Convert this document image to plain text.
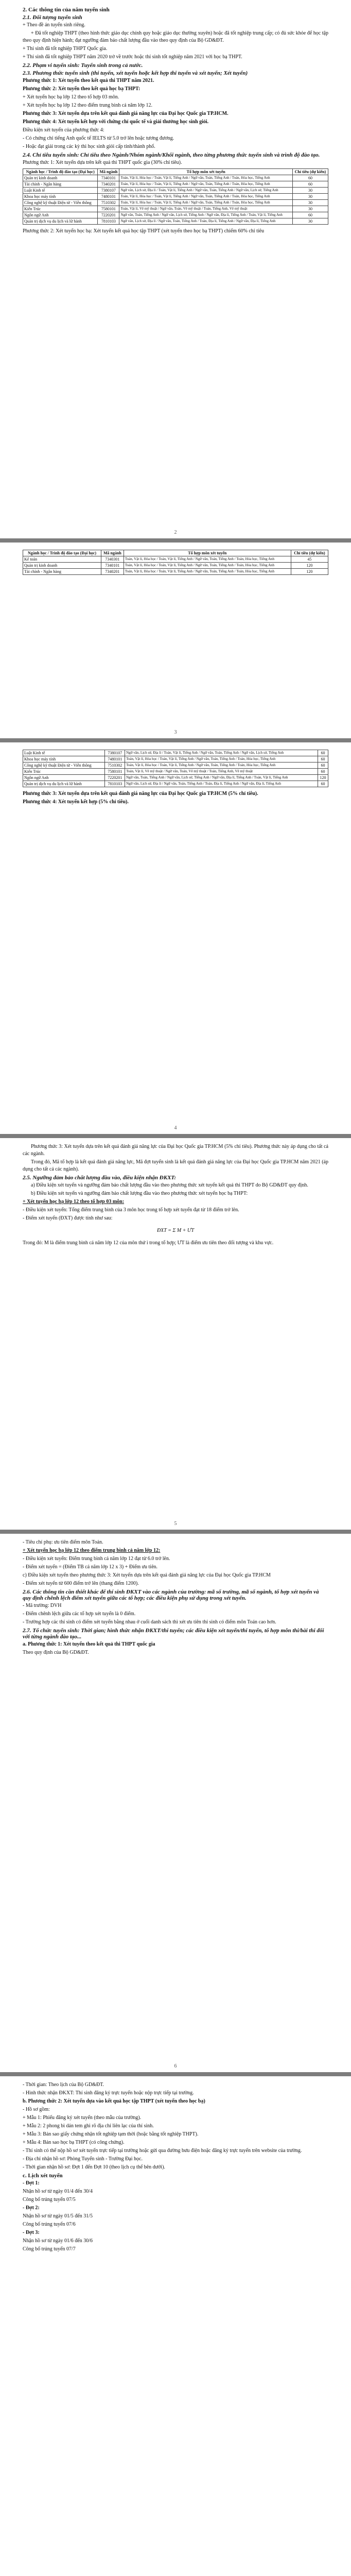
2. Các thông tin của năm tuyển sinh
2.1. Đối tượng tuyển sinh

+ Theo đề án tuyển sinh riêng.

+ Đã tốt nghiệp THPT (theo hình thức giáo dục chính quy hoặc giáo dục thường xuyên) hoặc đã tốt nghiệp trung cấp; có đủ sức khỏe để học tập theo quy định hiện hành; đạt ngưỡng đảm bảo chất lượng đầu vào theo quy định của Bộ GD&ĐT.

+ Thí sinh đã tốt nghiệp THPT Quốc gia.

+ Thí sinh đã tốt nghiệp THPT năm 2020 trở về trước hoặc thí sinh tốt nghiệp năm 2021 với học bạ THPT.

2.2. Phạm vi tuyển sinh: Tuyển sinh trong cả nước.
2.3. Phương thức tuyển sinh (thi tuyển, xét tuyển hoặc kết hợp thi tuyển và xét tuyển; Xét tuyển)

Phương thức 1: Xét tuyển theo kết quả thi THPT năm 2021.

Phương thức 2: Xét tuyển theo kết quả học bạ THPT:

+ Xét tuyển học bạ lớp 12 theo tổ hợp 03 môn.

+ Xét tuyển học bạ lớp 12 theo điểm trung bình cả năm lớp 12.

Phương thức 3: Xét tuyển dựa trên kết quả đánh giá năng lực của Đại học Quốc gia TP.HCM.

Phương thức 4: Xét tuyển kết hợp với chứng chỉ quốc tế và giải thưởng học sinh giỏi.

Điều kiện xét tuyển của phương thức 4:

- Có chứng chỉ tiếng Anh quốc tế IELTS từ 5.0 trở lên hoặc tương đương.

- Hoặc đạt giải trong các kỳ thi học sinh giỏi cấp tỉnh/thành phố.

2.4. Chỉ tiêu tuyển sinh: Chỉ tiêu theo Ngành/Nhóm ngành/Khối ngành, theo từng phương thức tuyển sinh và trình độ đào tạo.

Phương thức 1: Xét tuyển dựa trên kết quả thi THPT quốc gia (30% chỉ tiêu).

Ngành học / Trình độ đào tạo (Đại học)	Mã ngành	Tổ hợp môn xét tuyển	Chỉ tiêu (dự kiến)
Quản trị kinh doanh	7340101	Toán, Vật lí, Hóa học / Toán, Vật lí, Tiếng Anh / Ngữ văn, Toán, Tiếng Anh / Toán, Hóa học, Tiếng Anh	60
Tài chính - Ngân hàng	7340201	Toán, Vật lí, Hóa học / Toán, Vật lí, Tiếng Anh / Ngữ văn, Toán, Tiếng Anh / Toán, Hóa học, Tiếng Anh	60
Luật Kinh tế	7380107	Ngữ văn, Lịch sử, Địa lí / Toán, Vật lí, Tiếng Anh / Ngữ văn, Toán, Tiếng Anh / Ngữ văn, Lịch sử, Tiếng Anh	30
Khoa học máy tính	7480101	Toán, Vật lí, Hóa học / Toán, Vật lí, Tiếng Anh / Ngữ văn, Toán, Tiếng Anh / Toán, Hóa học, Tiếng Anh	30
Công nghệ kỹ thuật Điện tử - Viễn thông	7510302	Toán, Vật lí, Hóa học / Toán, Vật lí, Tiếng Anh / Ngữ văn, Toán, Tiếng Anh / Toán, Hóa học, Tiếng Anh	30
Kiến Trúc	7580101	Toán, Vật lí, Vẽ mỹ thuật / Ngữ văn, Toán, Vẽ mỹ thuật / Toán, Tiếng Anh, Vẽ mỹ thuật	30
Ngôn ngữ Anh	7220201	Ngữ văn, Toán, Tiếng Anh / Ngữ văn, Lịch sử, Tiếng Anh / Ngữ văn, Địa lí, Tiếng Anh / Toán, Vật lí, Tiếng Anh	60
Quản trị dịch vụ du lịch và lữ hành	7810103	Ngữ văn, Lịch sử, Địa lí / Ngữ văn, Toán, Tiếng Anh / Toán, Địa lí, Tiếng Anh / Ngữ văn, Địa lí, Tiếng Anh	30

Phương thức 2: Xét tuyển học bạ: Xét tuyển kết quả học tập THPT (xét tuyển theo học bạ THPT) chiếm 60% chỉ tiêu

2
Ngành học / Trình độ đào tạo (Đại học)	Mã ngành	Tổ hợp môn xét tuyển	Chỉ tiêu (dự kiến)
Kế toán	7340301	Toán, Vật lí, Hóa học / Toán, Vật lí, Tiếng Anh / Ngữ văn, Toán, Tiếng Anh / Toán, Hóa học, Tiếng Anh	45
Quản trị kinh doanh	7340101	Toán, Vật lí, Hóa học / Toán, Vật lí, Tiếng Anh / Ngữ văn, Toán, Tiếng Anh / Toán, Hóa học, Tiếng Anh	120
Tài chính - Ngân hàng	7340201	Toán, Vật lí, Hóa học / Toán, Vật lí, Tiếng Anh / Ngữ văn, Toán, Tiếng Anh / Toán, Hóa học, Tiếng Anh	120
3
Luật Kinh tế	7380107	Ngữ văn, Lịch sử, Địa lí / Toán, Vật lí, Tiếng Anh / Ngữ văn, Toán, Tiếng Anh / Ngữ văn, Lịch sử, Tiếng Anh	60
Khoa học máy tính	7480101	Toán, Vật lí, Hóa học / Toán, Vật lí, Tiếng Anh / Ngữ văn, Toán, Tiếng Anh / Toán, Hóa học, Tiếng Anh	60
Công nghệ kỹ thuật Điện tử - Viễn thông	7510302	Toán, Vật lí, Hóa học / Toán, Vật lí, Tiếng Anh / Ngữ văn, Toán, Tiếng Anh / Toán, Hóa học, Tiếng Anh	60
Kiến Trúc	7580101	Toán, Vật lí, Vẽ mỹ thuật / Ngữ văn, Toán, Vẽ mỹ thuật / Toán, Tiếng Anh, Vẽ mỹ thuật	60
Ngôn ngữ Anh	7220201	Ngữ văn, Toán, Tiếng Anh / Ngữ văn, Lịch sử, Tiếng Anh / Ngữ văn, Địa lí, Tiếng Anh / Toán, Vật lí, Tiếng Anh	120
Quản trị dịch vụ du lịch và lữ hành	7810103	Ngữ văn, Lịch sử, Địa lí / Ngữ văn, Toán, Tiếng Anh / Toán, Địa lí, Tiếng Anh / Ngữ văn, Địa lí, Tiếng Anh	60

Phương thức 3: Xét tuyển dựa trên kết quả đánh giá năng lực của Đại học Quốc gia TP.HCM (5% chỉ tiêu).

Phương thức 4: Xét tuyển kết hợp (5% chỉ tiêu).

4

Phương thức 3: Xét tuyển dựa trên kết quả đánh giá năng lực của Đại học Quốc gia TP.HCM (5% chỉ tiêu). Phương thức này áp dụng cho tất cả các ngành.

Trong đó, Mã tổ hợp là kết quả đánh giá năng lực, Mã đợt tuyển sinh là kết quả đánh giá năng lực của Đại học Quốc gia TP.HCM năm 2021 (áp dụng cho tất cả các ngành).

2.5. Ngưỡng đảm bảo chất lượng đầu vào, điều kiện nhận ĐKXT:

a) Điều kiện xét tuyển và ngưỡng đảm bảo chất lượng đầu vào theo phương thức xét tuyển kết quả thi THPT do Bộ GD&ĐT quy định.

b) Điều kiện xét tuyển và ngưỡng đảm bảo chất lượng đầu vào theo phương thức xét tuyển học bạ THPT:

+ Xét tuyển học bạ lớp 12 theo tổ hợp 03 môn:

- Điều kiện xét tuyển: Tổng điểm trung bình của 3 môn học trong tổ hợp xét tuyển đạt từ 18 điểm trở lên.

- Điểm xét tuyển (ĐXT) được tính như sau:

ĐXT = Σ M + ƯT

Trong đó: M là điểm trung bình cả năm lớp 12 của môn thứ i trong tổ hợp; ƯT là điểm ưu tiên theo đối tượng và khu vực.

5

- Tiêu chí phụ: ưu tiên điểm môn Toán.

+ Xét tuyển học bạ lớp 12 theo điểm trung bình cả năm lớp 12:

- Điều kiện xét tuyển: Điểm trung bình cả năm lớp 12 đạt từ 6.0 trở lên.

- Điểm xét tuyển = (Điểm TB cả năm lớp 12 x 3) + Điểm ưu tiên.

c) Điều kiện xét tuyển theo phương thức 3: Xét tuyển dựa trên kết quả đánh giá năng lực của Đại học Quốc gia TP.HCM

- Điểm xét tuyển từ 600 điểm trở lên (thang điểm 1200).

2.6. Các thông tin cần thiết khác để thí sinh ĐKXT vào các ngành của trường: mã số trường, mã số ngành, tổ hợp xét tuyển và quy định chênh lệch điểm xét tuyển giữa các tổ hợp; các điều kiện phụ sử dụng trong xét tuyển.

- Mã trường: DVH

- Điểm chênh lệch giữa các tổ hợp xét tuyển là 0 điểm.

- Trường hợp các thí sinh có điểm xét tuyển bằng nhau ở cuối danh sách thì xét ưu tiên thí sinh có điểm môn Toán cao hơn.

2.7. Tổ chức tuyển sinh: Thời gian; hình thức nhận ĐKXT/thi tuyển; các điều kiện xét tuyển/thi tuyển, tổ hợp môn thi/bài thi đối với từng ngành đào tạo...

a. Phương thức 1: Xét tuyển theo kết quả thi THPT quốc gia

Theo quy định của Bộ GD&ĐT.

6

- Thời gian: Theo lịch của Bộ GD&ĐT.

- Hình thức nhận ĐKXT: Thí sinh đăng ký trực tuyến hoặc nộp trực tiếp tại trường.

b. Phương thức 2: Xét tuyển dựa vào kết quả học tập THPT (xét tuyển theo học bạ)

- Hồ sơ gồm:

+ Mẫu 1: Phiếu đăng ký xét tuyển (theo mẫu của trường).

+ Mẫu 2: 2 phong bì dán tem ghi rõ địa chỉ liên lạc của thí sinh.

+ Mẫu 3: Bản sao giấy chứng nhận tốt nghiệp tạm thời (hoặc bằng tốt nghiệp THPT).

+ Mẫu 4: Bản sao học bạ THPT (có công chứng).

- Thí sinh có thể nộp hồ sơ xét tuyển trực tiếp tại trường hoặc gửi qua đường bưu điện hoặc đăng ký trực tuyến trên website của trường.

- Địa chỉ nhận hồ sơ: Phòng Tuyển sinh - Trường Đại học.

- Thời gian nhận hồ sơ: Đợt 1 đến Đợt 10 (theo lịch cụ thể bên dưới).

c. Lịch xét tuyển

- Đợt 1:

Nhận hồ sơ từ ngày 01/4 đến 30/4

Công bố trúng tuyển 07/5

- Đợt 2:

Nhận hồ sơ từ ngày 01/5 đến 31/5

Công bố trúng tuyển 07/6

- Đợt 3:

Nhận hồ sơ từ ngày 01/6 đến 30/6

Công bố trúng tuyển 07/7
